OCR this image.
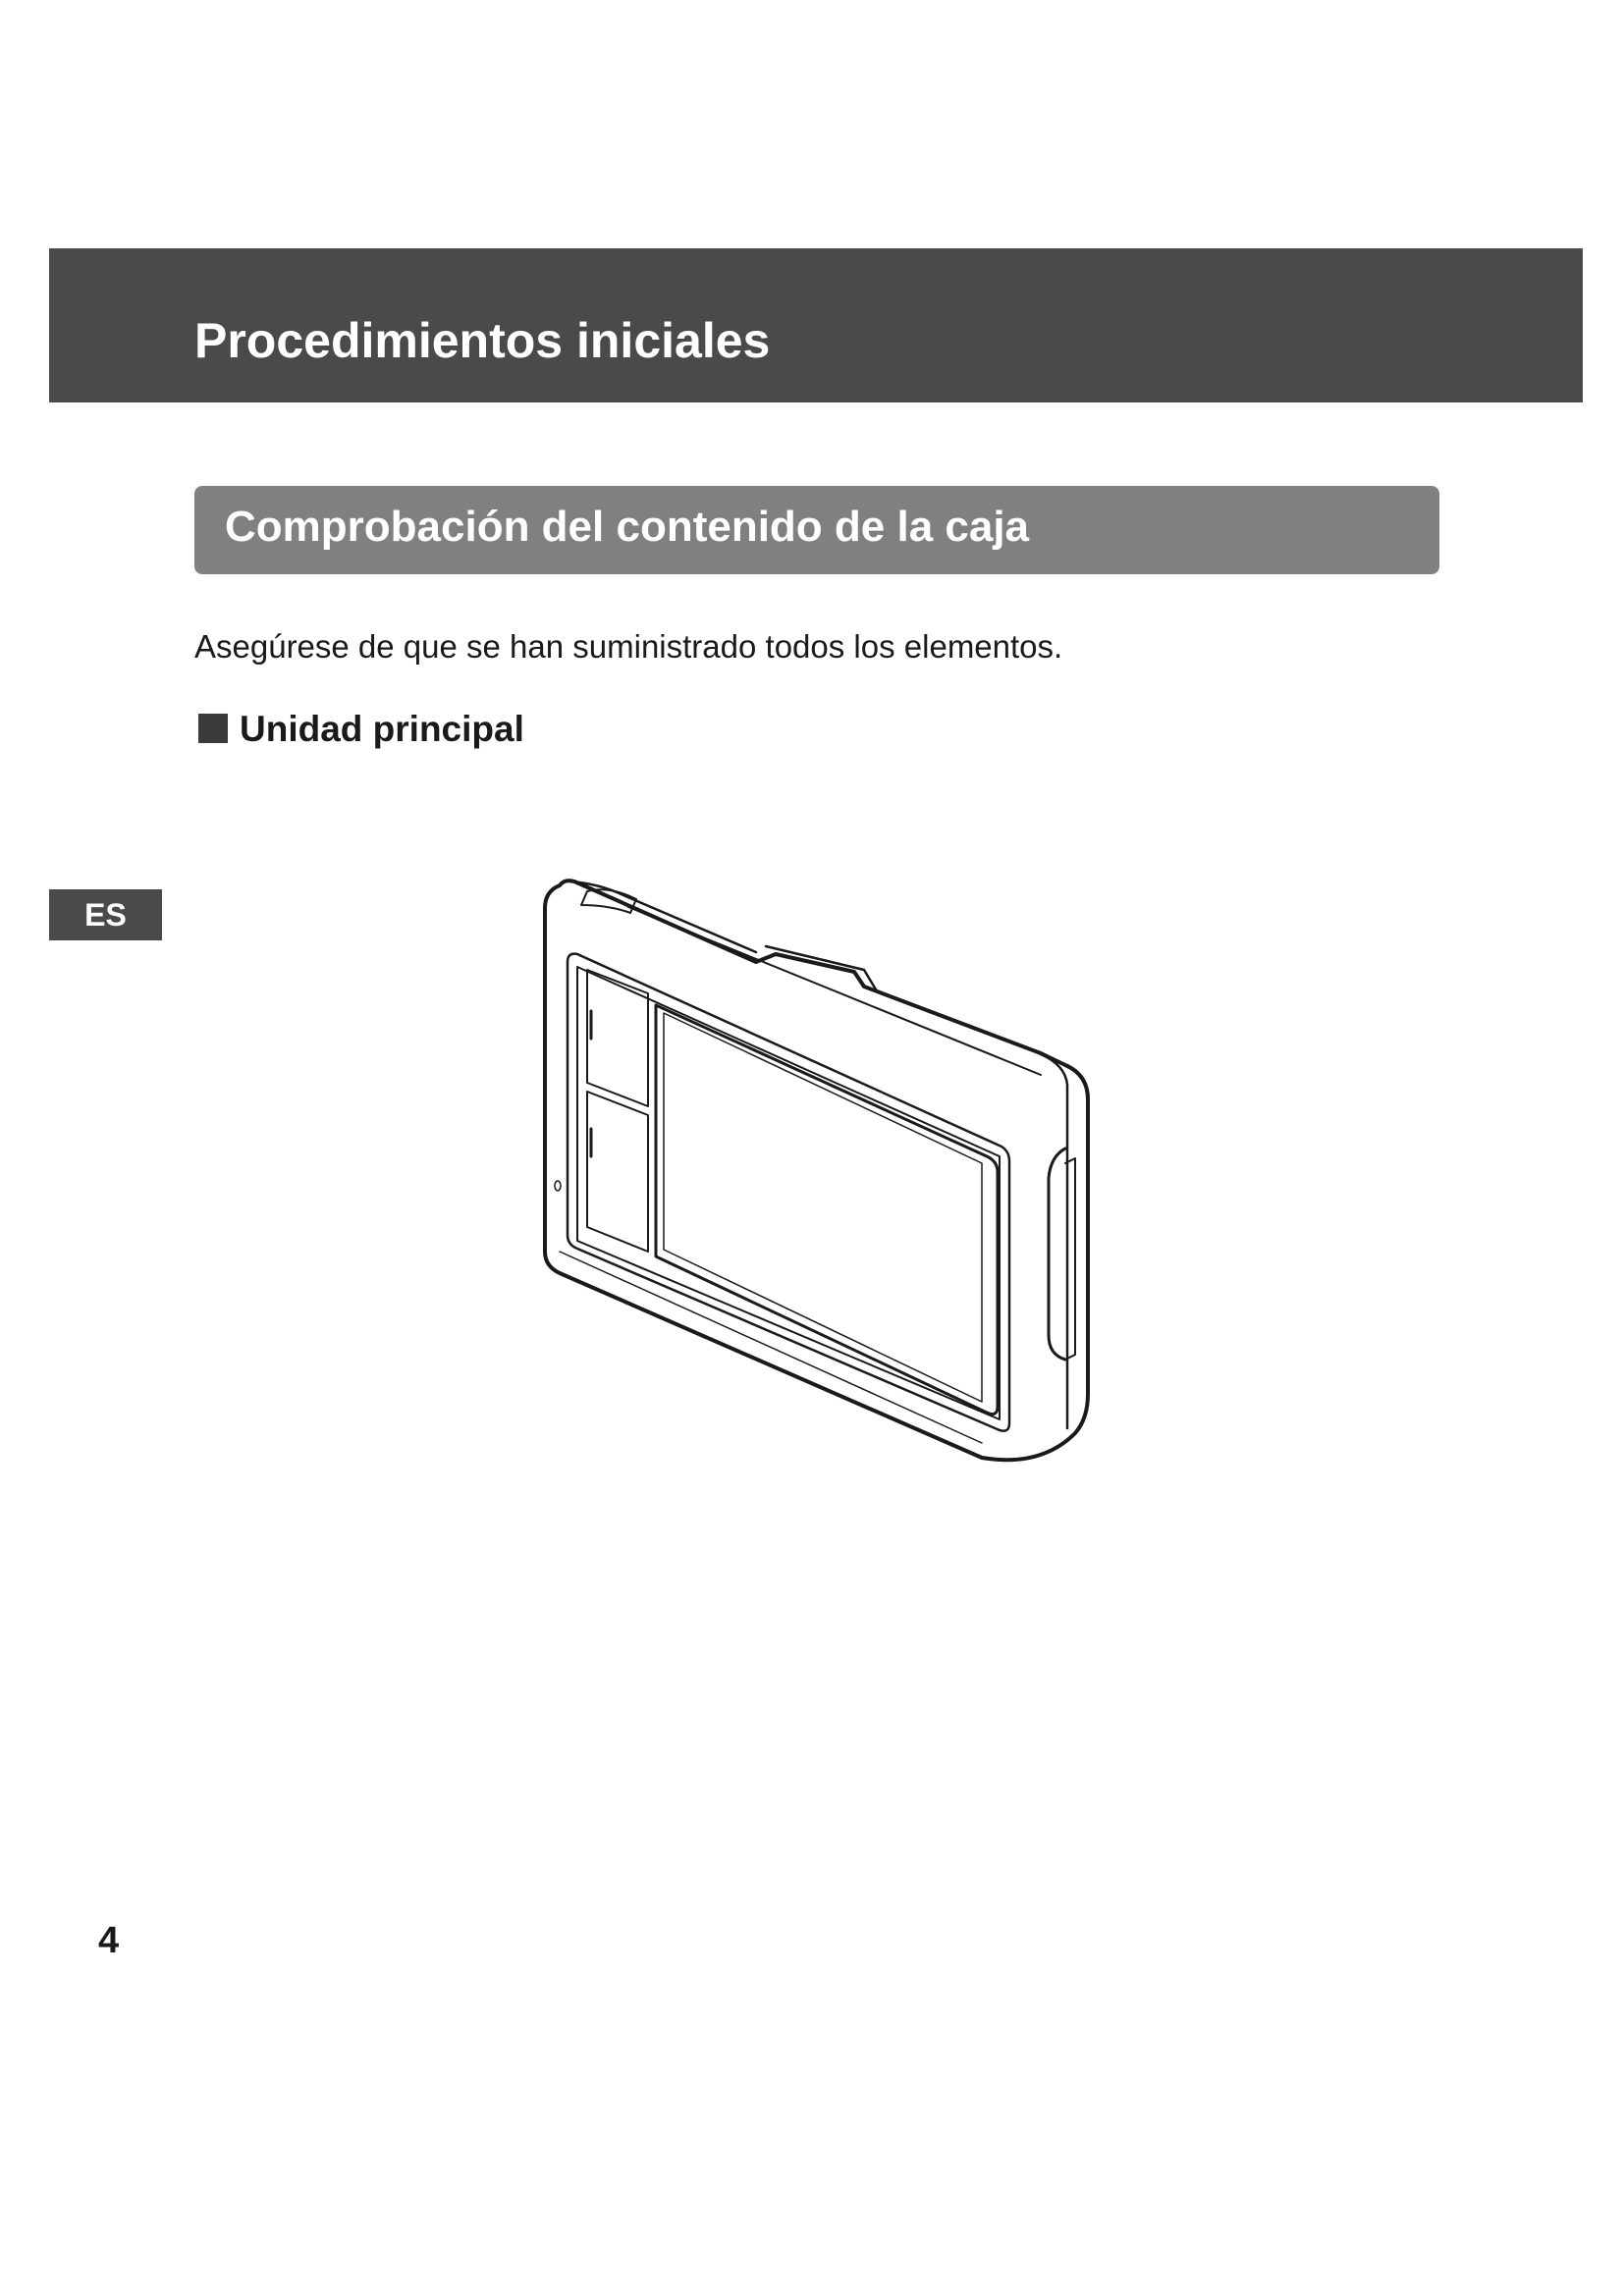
Procedimientos iniciales
Comprobación del contenido de la caja
Asegúrese de que se han suministrado todos los elementos.
Unidad principal
ES
4
